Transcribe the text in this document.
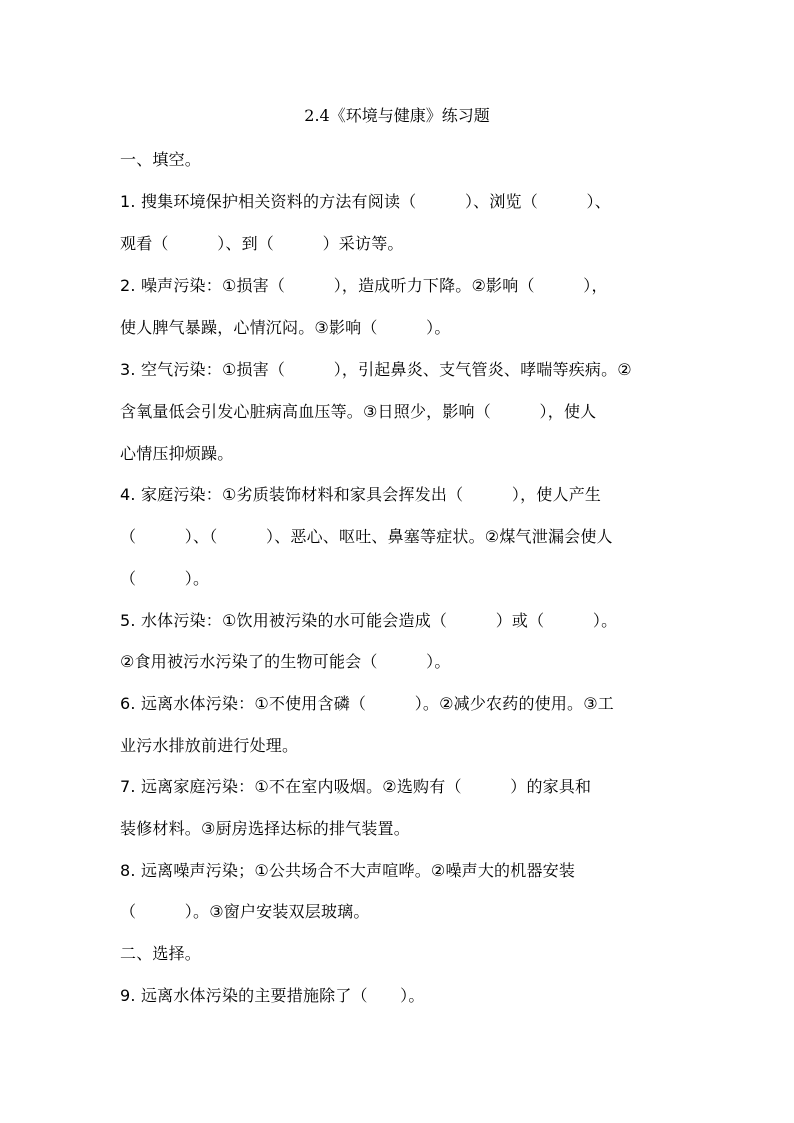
2.4《环境与健康》练习题
一、填空。
1. 搜集环境保护相关资料的方法有阅读（　　　）、浏览（　　　）、
观看（　　　）、到（　　　）采访等。
2. 噪声污染：①损害（　　　），造成听力下降。②影响（　　　），
使人脾气暴躁，心情沉闷。③影响（　　　）。
3. 空气污染：①损害（　　　），引起鼻炎、支气管炎、哮喘等疾病。②
含氧量低会引发心脏病高血压等。③日照少，影响（　　　），使人
心情压抑烦躁。
4. 家庭污染：①劣质装饰材料和家具会挥发出（　　　），使人产生
（　　　）、（　　　）、恶心、呕吐、鼻塞等症状。②煤气泄漏会使人
（　　　）。
5. 水体污染：①饮用被污染的水可能会造成（　　　）或（　　　）。
②食用被污水污染了的生物可能会（　　　）。
6. 远离水体污染：①不使用含磷（　　　）。②减少农药的使用。③工
业污水排放前进行处理。
7. 远离家庭污染：①不在室内吸烟。②选购有（　　　）的家具和
装修材料。③厨房选择达标的排气装置。
8. 远离噪声污染；①公共场合不大声喧哗。②噪声大的机器安装
（　　　）。③窗户安装双层玻璃。
二、选择。
9. 远离水体污染的主要措施除了（　　）。
